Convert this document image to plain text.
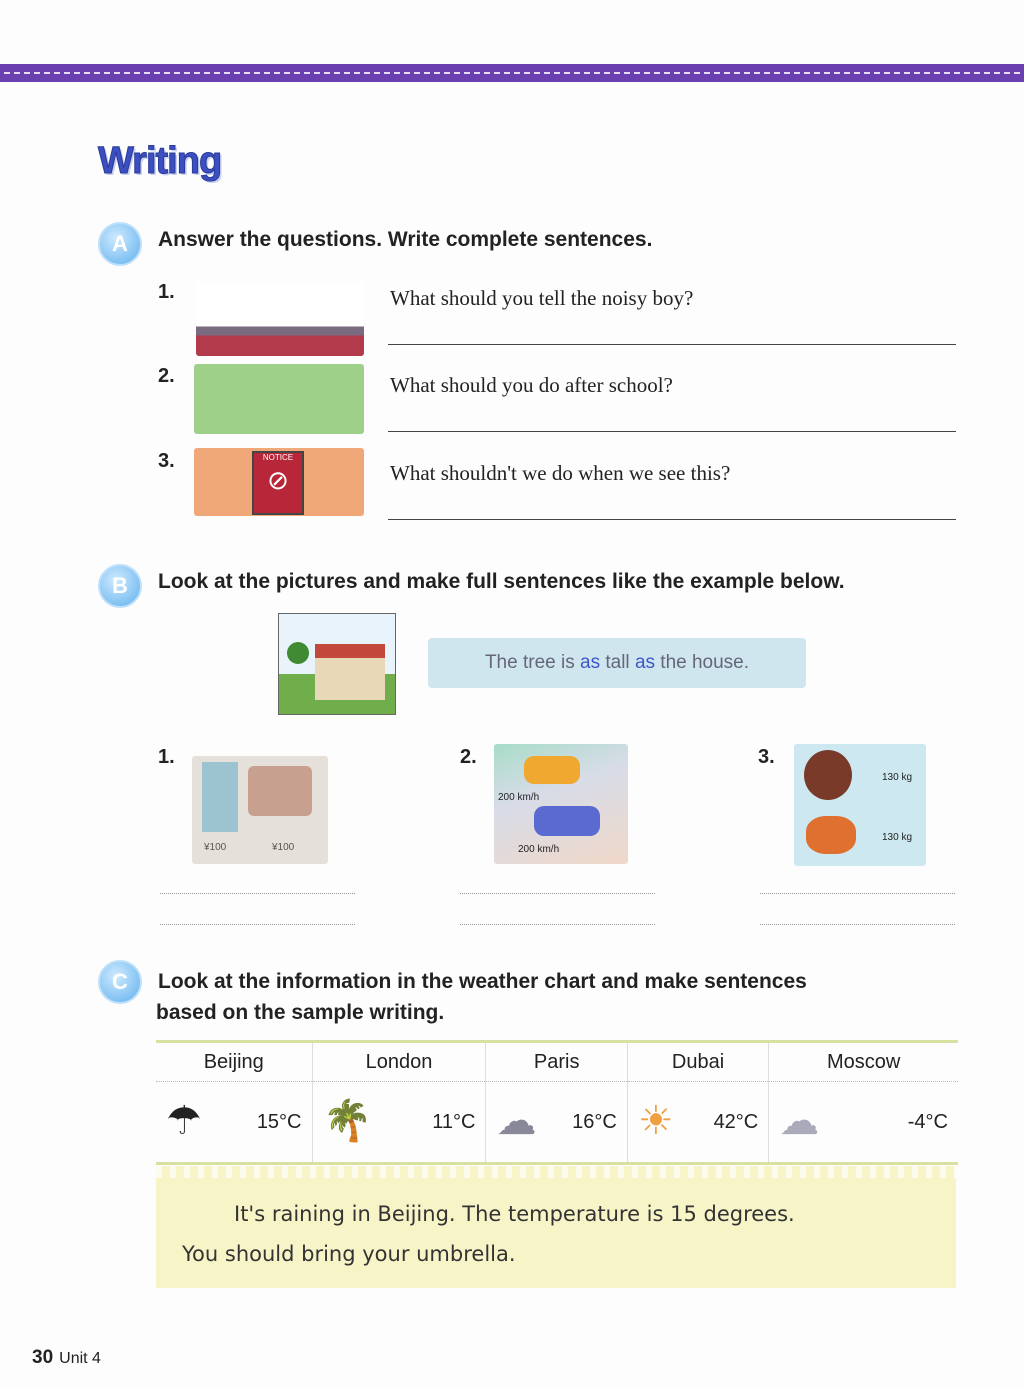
Writing
A	Answer the questions. Write complete sentences.
1.	What should you tell the noisy boy?
2.	What should you do after school?
3.	NOTICE
⊘	What shouldn't we do when we see this?
B	Look at the pictures and make full sentences like the example below.
The tree is as tall as the house.
1.
¥100	¥100
2.
200 km/h
200 km/h
3.
130 kg
130 kg
C	Look at the information in the weather chart and make sentences
based on the sample writing.
Beijing	London	Paris	Dubai	Moscow

☂ 15°C	🌴 11°C	☁ 16°C	☀ 42°C	☁ -4°C
It's raining in Beijing. The temperature is 15 degrees.
You should bring your umbrella.
30 Unit 4
